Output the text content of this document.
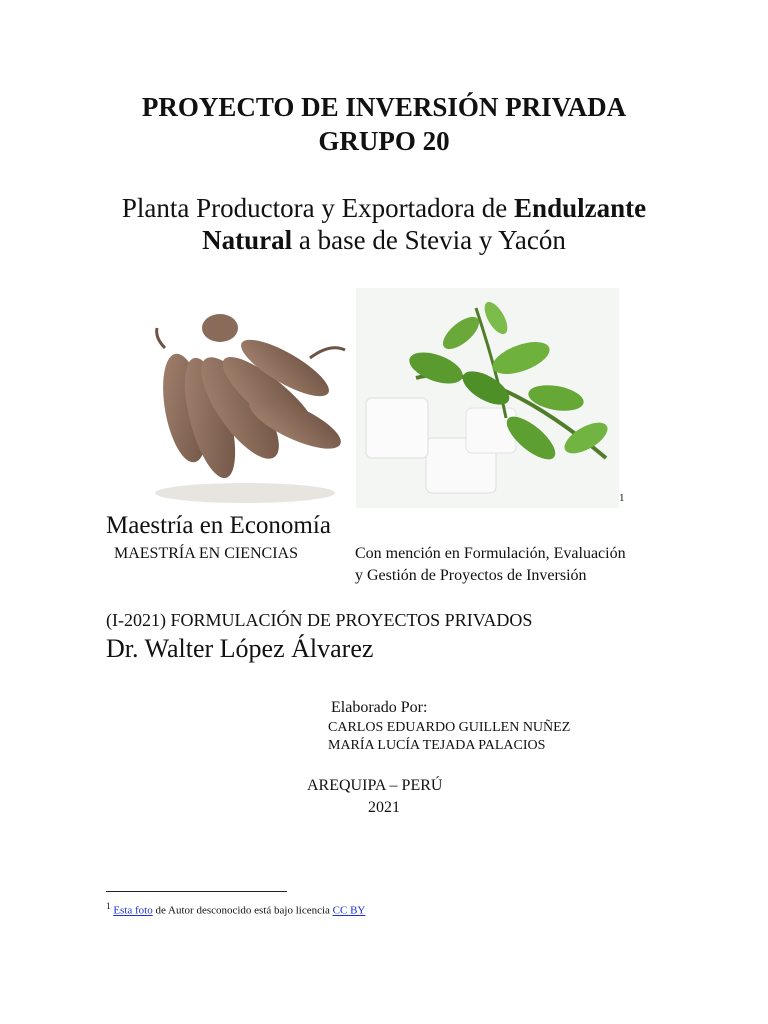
PROYECTO DE INVERSIÓN PRIVADA
GRUPO 20
Planta Productora y Exportadora de Endulzante
Natural a base de Stevia y Yacón
1
Maestría en Economía
MAESTRÍA EN CIENCIAS	Con mención en Formulación, Evaluación
y Gestión de Proyectos de Inversión
(I-2021) FORMULACIÓN DE PROYECTOS PRIVADOS
Dr. Walter López Álvarez
Elaborado Por:
CARLOS EDUARDO GUILLEN NUÑEZ
MARÍA LUCÍA TEJADA PALACIOS
AREQUIPA – PERÚ
2021
$^1$ Esta foto de Autor desconocido está bajo licencia CC BY
